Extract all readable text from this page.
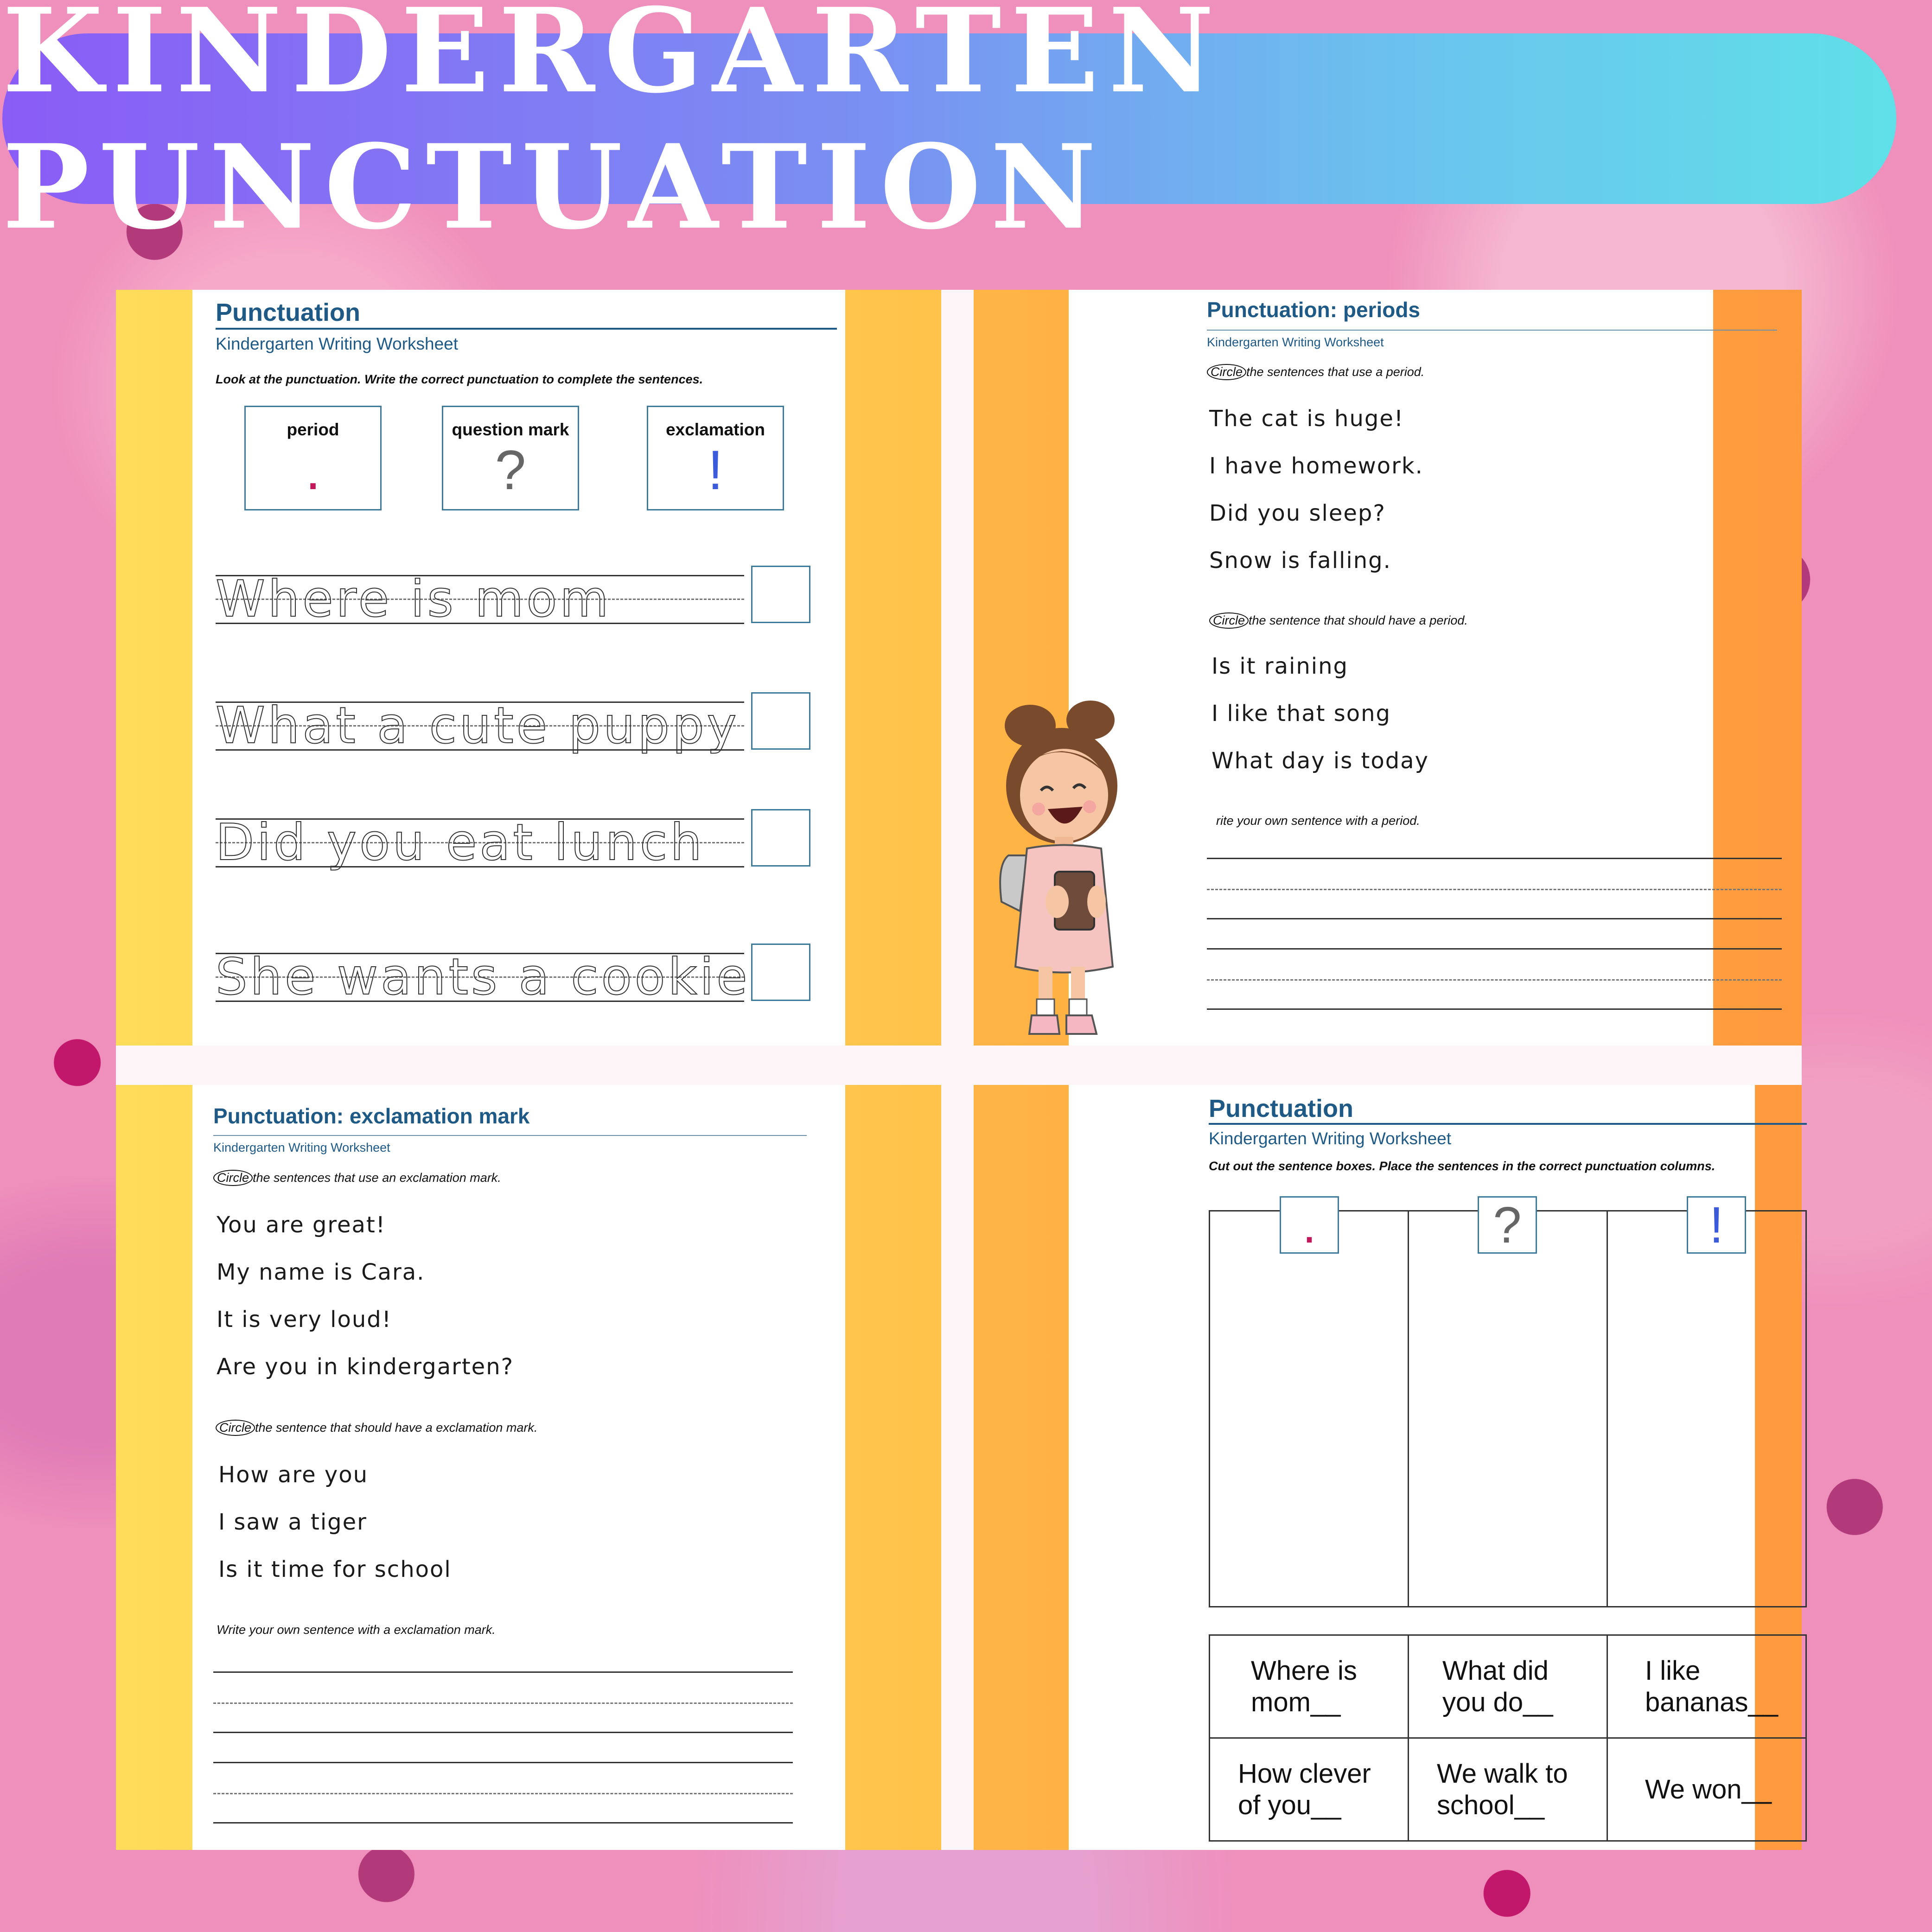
KINDERGARTEN PUNCTUATION
Punctuation
Kindergarten Writing Worksheet
Look at the punctuation. Write the correct punctuation to complete the sentences.
period
.
question mark
?
exclamation
!
Where is mom
What a cute puppy
Did you eat lunch
She wants a cookie
Punctuation: periods
Kindergarten Writing Worksheet
Circle the sentences that use a period.
The cat is huge!
I have homework.
Did you sleep?
Snow is falling.
Circle the sentence that should have a period.
Is it raining
I like that song
What day is today
rite your own sentence with a period.
Punctuation: exclamation mark
Kindergarten Writing Worksheet
Circle the sentences that use an exclamation mark.
You are great!
My name is Cara.
It is very loud!
Are you in kindergarten?
Circle the sentence that should have a exclamation mark.
How are you
I saw a tiger
Is it time for school
Write your own sentence with a exclamation mark.
Punctuation
Kindergarten Writing Worksheet
Cut out the sentence boxes. Place the sentences in the correct punctuation columns.
.	?	!
Where is
mom__
What did
you do__
I like
bananas__
How clever
of you__
We walk to
school__
We won__
